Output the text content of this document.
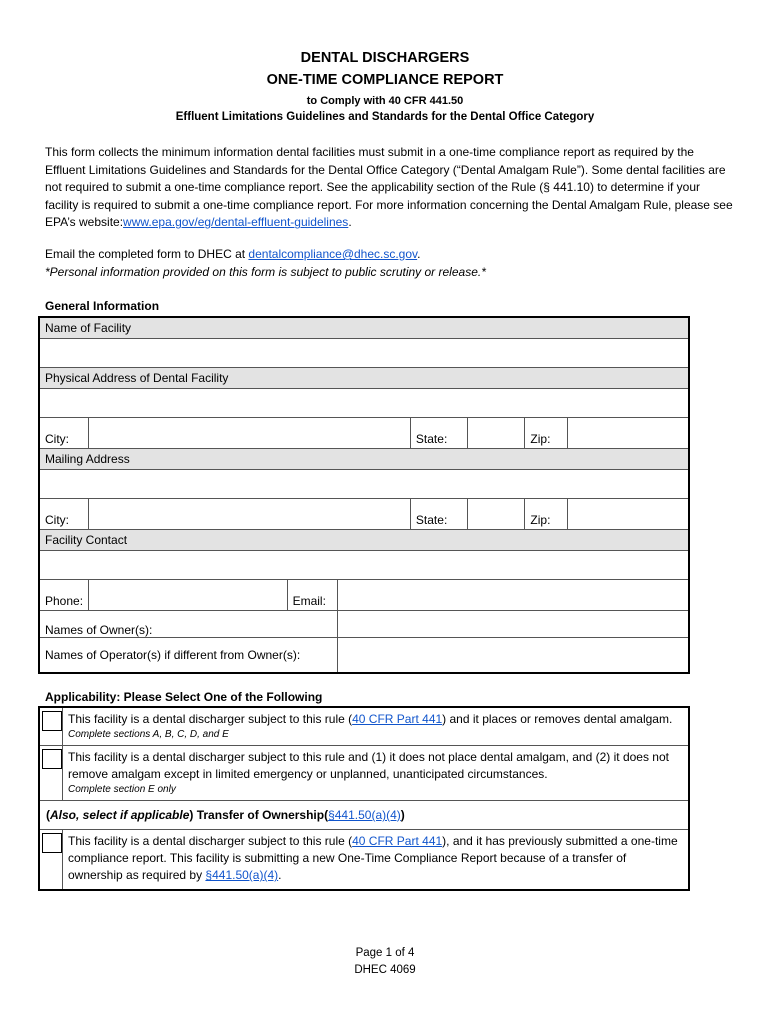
DENTAL DISCHARGERS
ONE-TIME COMPLIANCE REPORT
to Comply with 40 CFR 441.50
Effluent Limitations Guidelines and Standards for the Dental Office Category
This form collects the minimum information dental facilities must submit in a one-time compliance report as required by the Effluent Limitations Guidelines and Standards for the Dental Office Category (“Dental Amalgam Rule”). Some dental facilities are not required to submit a one-time compliance report. See the applicability section of the Rule (§ 441.10) to determine if your facility is required to submit a one-time compliance report. For more information concerning the Dental Amalgam Rule, please see EPA’s website:www.epa.gov/eg/dental-effluent-guidelines.
Email the completed form to DHEC at dentalcompliance@dhec.sc.gov.
*Personal information provided on this form is subject to public scrutiny or release.*
General Information
Name of Facility							

Physical Address of Dental Facility							

City:				State:		Zip:	
Mailing Address							

City:				State:		Zip:	
Facility Contact							

Phone:		Email:					
Names of Owner(s):							
Names of Operator(s) if different from Owner(s):							
Applicability: Please Select One of the Following
	This facility is a dental discharger subject to this rule (40 CFR Part 441) and it places or removes dental amalgam.
Complete sections A, B, C, D, and E

	This facility is a dental discharger subject to this rule and (1) it does not place dental amalgam, and (2) it does not remove amalgam except in limited emergency or unplanned, unanticipated circumstances.
Complete section E only

(Also, select if applicable) Transfer of Ownership(§441.50(a)(4))	

	This facility is a dental discharger subject to this rule (40 CFR Part 441), and it has previously submitted a one-time compliance report. This facility is submitting a new One-Time Compliance Report because of a transfer of ownership as required by §441.50(a)(4).
Page 1 of 4
DHEC 4069
